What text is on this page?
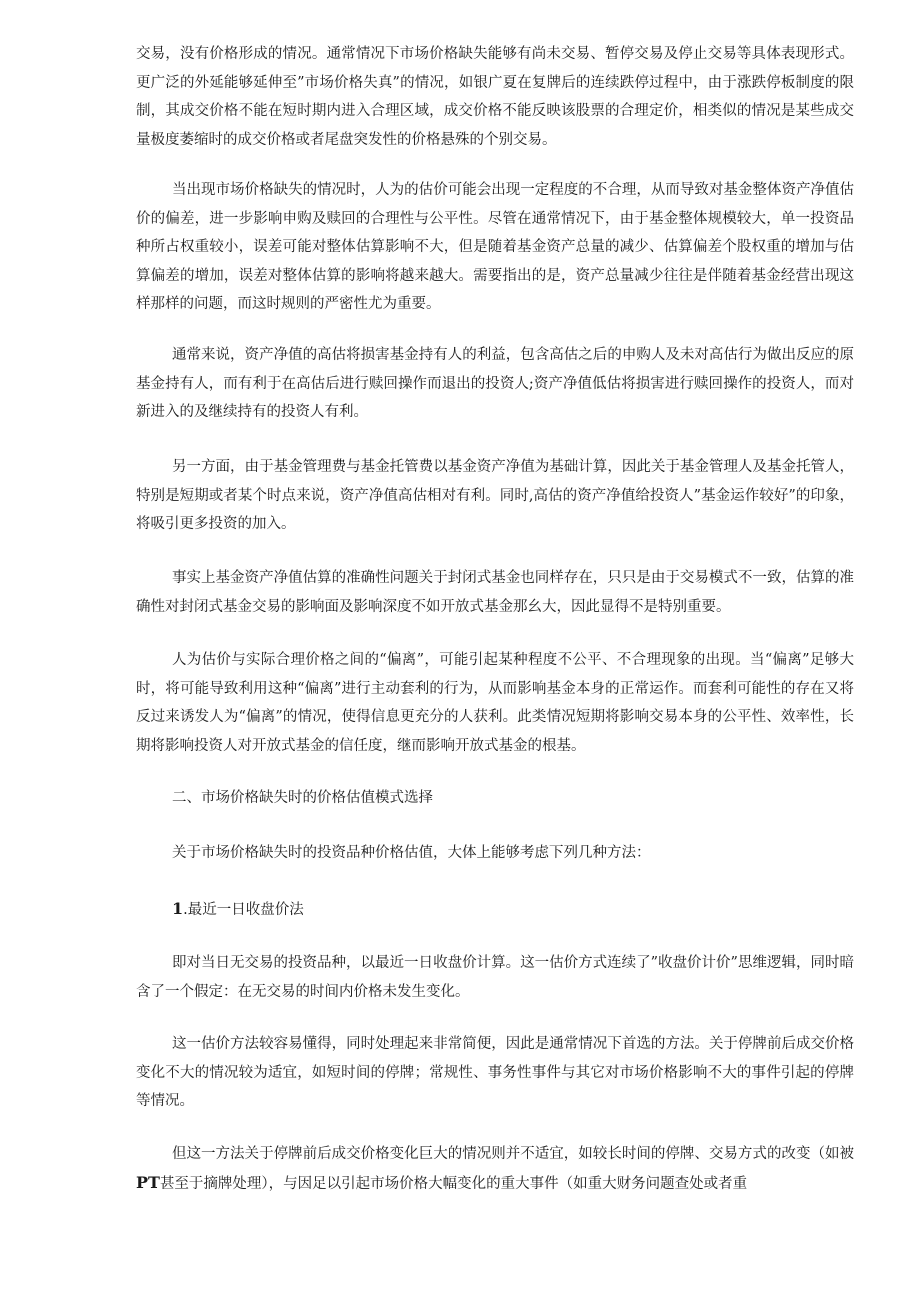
交易，没有价格形成的情况。通常情况下市场价格缺失能够有尚未交易、暂停交易及停止交易等具体表现形式。更广泛的外延能够延伸至”市场价格失真”的情况，如银广夏在复牌后的连续跌停过程中，由于涨跌停板制度的限制，其成交价格不能在短时期内进入合理区域，成交价格不能反映该股票的合理定价，相类似的情况是某些成交量极度萎缩时的成交价格或者尾盘突发性的价格悬殊的个别交易。

当出现市场价格缺失的情况时，人为的估价可能会出现一定程度的不合理，从而导致对基金整体资产净值估价的偏差，进一步影响申购及赎回的合理性与公平性。尽管在通常情况下，由于基金整体规模较大，单一投资品种所占权重较小，误差可能对整体估算影响不大，但是随着基金资产总量的减少、估算偏差个股权重的增加与估算偏差的增加，误差对整体估算的影响将越来越大。需要指出的是，资产总量减少往往是伴随着基金经营出现这样那样的问题，而这时规则的严密性尤为重要。

通常来说，资产净值的高估将损害基金持有人的利益，包含高估之后的申购人及未对高估行为做出反应的原基金持有人，而有利于在高估后进行赎回操作而退出的投资人;资产净值低估将损害进行赎回操作的投资人，而对新进入的及继续持有的投资人有利。

另一方面，由于基金管理费与基金托管费以基金资产净值为基础计算，因此关于基金管理人及基金托管人，特别是短期或者某个时点来说，资产净值高估相对有利。同时,高估的资产净值给投资人”基金运作较好”的印象，将吸引更多投资的加入。

事实上基金资产净值估算的准确性问题关于封闭式基金也同样存在，只只是由于交易模式不一致，估算的准确性对封闭式基金交易的影响面及影响深度不如开放式基金那幺大，因此显得不是特别重要。

人为估价与实际合理价格之间的“偏离”，可能引起某种程度不公平、不合理现象的出现。当“偏离”足够大时，将可能导致利用这种“偏离”进行主动套利的行为，从而影响基金本身的正常运作。而套利可能性的存在又将反过来诱发人为“偏离”的情况，使得信息更充分的人获利。此类情况短期将影响交易本身的公平性、效率性，长期将影响投资人对开放式基金的信任度，继而影响开放式基金的根基。

二、市场价格缺失时的价格估值模式选择

关于市场价格缺失时的投资品种价格估值，大体上能够考虑下列几种方法：

1.最近一日收盘价法

即对当日无交易的投资品种，以最近一日收盘价计算。这一估价方式连续了”收盘价计价”思维逻辑，同时暗含了一个假定：在无交易的时间内价格未发生变化。

这一估价方法较容易懂得，同时处理起来非常简便，因此是通常情况下首选的方法。关于停牌前后成交价格变化不大的情况较为适宜，如短时间的停牌；常规性、事务性事件与其它对市场价格影响不大的事件引起的停牌等情况。

但这一方法关于停牌前后成交价格变化巨大的情况则并不适宜，如较长时间的停牌、交易方式的改变（如被PT甚至于摘牌处理），与因足以引起市场价格大幅变化的重大事件（如重大财务问题查处或者重
